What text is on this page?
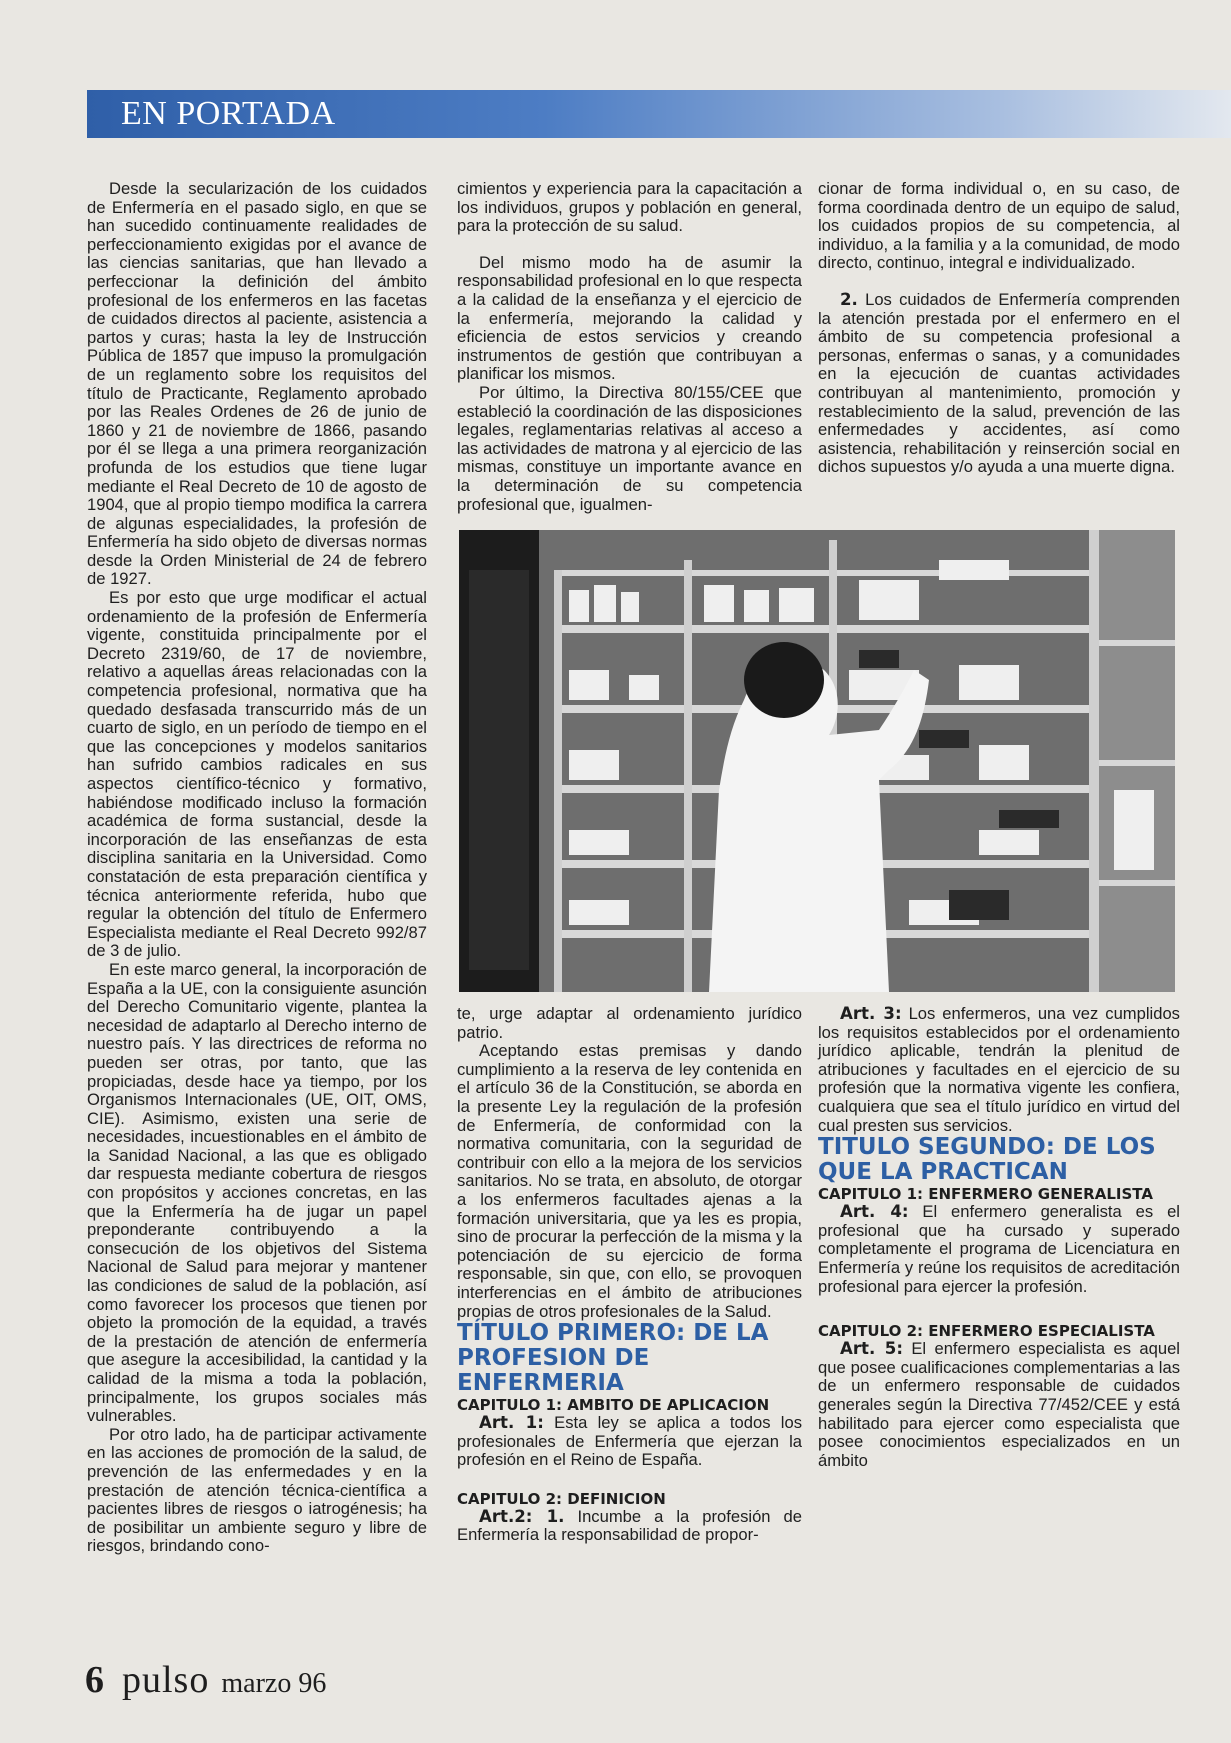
EN PORTADA

Desde la secularización de los cuidados de Enfermería en el pasado siglo, en que se han sucedido continuamente realidades de perfeccionamiento exigidas por el avance de las ciencias sanitarias, que han llevado a perfeccionar la definición del ámbito profesional de los enfermeros en las facetas de cuidados directos al paciente, asistencia a partos y curas; hasta la ley de Instrucción Pública de 1857 que impuso la promulgación de un reglamento sobre los requisitos del título de Practicante, Reglamento aprobado por las Reales Ordenes de 26 de junio de 1860 y 21 de noviembre de 1866, pasando por él se llega a una primera reorganización profunda de los estudios que tiene lugar mediante el Real Decreto de 10 de agosto de 1904, que al propio tiempo modifica la carrera de algunas especialidades, la profesión de Enfermería ha sido objeto de diversas normas desde la Orden Ministerial de 24 de febrero de 1927.

Es por esto que urge modificar el actual ordenamiento de la profesión de Enfermería vigente, constituida principalmente por el Decreto 2319/60, de 17 de noviembre, relativo a aquellas áreas relacionadas con la competencia profesional, normativa que ha quedado desfasada transcurrido más de un cuarto de siglo, en un período de tiempo en el que las concepciones y modelos sanitarios han sufrido cambios radicales en sus aspectos científico-técnico y formativo, habiéndose modificado incluso la formación académica de forma sustancial, desde la incorporación de las enseñanzas de esta disciplina sanitaria en la Universidad. Como constatación de esta preparación científica y técnica anteriormente referida, hubo que regular la obtención del título de Enfermero Especialista mediante el Real Decreto 992/87 de 3 de julio.

En este marco general, la incorporación de España a la UE, con la consiguiente asunción del Derecho Comunitario vigente, plantea la necesidad de adaptarlo al Derecho interno de nuestro país. Y las directrices de reforma no pueden ser otras, por tanto, que las propiciadas, desde hace ya tiempo, por los Organismos Internacionales (UE, OIT, OMS, CIE). Asimismo, existen una serie de necesidades, incuestionables en el ámbito de la Sanidad Nacional, a las que es obligado dar respuesta mediante cobertura de riesgos con propósitos y acciones concretas, en las que la Enfermería ha de jugar un papel preponderante contribuyendo a la consecución de los objetivos del Sistema Nacional de Salud para mejorar y mantener las condiciones de salud de la población, así como favorecer los procesos que tienen por objeto la promoción de la equidad, a través de la prestación de atención de enfermería que asegure la accesibilidad, la cantidad y la calidad de la misma a toda la población, principalmente, los grupos sociales más vulnerables.

Por otro lado, ha de participar activamente en las acciones de promoción de la salud, de prevención de las enfermedades y en la prestación de atención técnica-científica a pacientes libres de riesgos o iatrogénesis; ha de posibilitar un ambiente seguro y libre de riesgos, brindando cono-

cimientos y experiencia para la capacitación a los individuos, grupos y población en general, para la protección de su salud.

Del mismo modo ha de asumir la responsabilidad profesional en lo que respecta a la calidad de la enseñanza y el ejercicio de la enfermería, mejorando la calidad y eficiencia de estos servicios y creando instrumentos de gestión que contribuyan a planificar los mismos.

Por último, la Directiva 80/155/CEE que estableció la coordinación de las disposiciones legales, reglamentarias relativas al acceso a las actividades de matrona y al ejercicio de las mismas, constituye un importante avance en la determinación de su competencia profesional que, igualmen-

cionar de forma individual o, en su caso, de forma coordinada dentro de un equipo de salud, los cuidados propios de su competencia, al individuo, a la familia y a la comunidad, de modo directo, continuo, integral e individualizado.

2. Los cuidados de Enfermería comprenden la atención prestada por el enfermero en el ámbito de su competencia profesional a personas, enfermas o sanas, y a comunidades en la ejecución de cuantas actividades contribuyan al mantenimiento, promoción y restablecimiento de la salud, prevención de las enfermedades y accidentes, así como asistencia, rehabilitación y reinserción social en dichos supuestos y/o ayuda a una muerte digna.

te, urge adaptar al ordenamiento jurídico patrio.

Aceptando estas premisas y dando cumplimiento a la reserva de ley contenida en el artículo 36 de la Constitución, se aborda en la presente Ley la regulación de la profesión de Enfermería, de conformidad con la normativa comunitaria, con la seguridad de contribuir con ello a la mejora de los servicios sanitarios. No se trata, en absoluto, de otorgar a los enfermeros facultades ajenas a la formación universitaria, que ya les es propia, sino de procurar la perfección de la misma y la potenciación de su ejercicio de forma responsable, sin que, con ello, se provoquen interferencias en el ámbito de atribuciones propias de otros profesionales de la Salud.

TÍTULO PRIMERO: DE LA PROFESION DE ENFERMERIA

CAPITULO 1: AMBITO DE APLICACION

Art. 1: Esta ley se aplica a todos los profesionales de Enfermería que ejerzan la profesión en el Reino de España.

CAPITULO 2: DEFINICION

Art.2: 1. Incumbe a la profesión de Enfermería la responsabilidad de propor-

Art. 3: Los enfermeros, una vez cumplidos los requisitos establecidos por el ordenamiento jurídico aplicable, tendrán la plenitud de atribuciones y facultades en el ejercicio de su profesión que la normativa vigente les confiera, cualquiera que sea el título jurídico en virtud del cual presten sus servicios.

TITULO SEGUNDO: DE LOS QUE LA PRACTICAN

CAPITULO 1: ENFERMERO GENERALISTA

Art. 4: El enfermero generalista es el profesional que ha cursado y superado completamente el programa de Licenciatura en Enfermería y reúne los requisitos de acreditación profesional para ejercer la profesión.

CAPITULO 2: ENFERMERO ESPECIALISTA

Art. 5: El enfermero especialista es aquel que posee cualificaciones complementarias a las de un enfermero responsable de cuidados generales según la Directiva 77/452/CEE y está habilitado para ejercer como especialista que posee conocimientos especializados en un ámbito

6 pulso marzo 96
